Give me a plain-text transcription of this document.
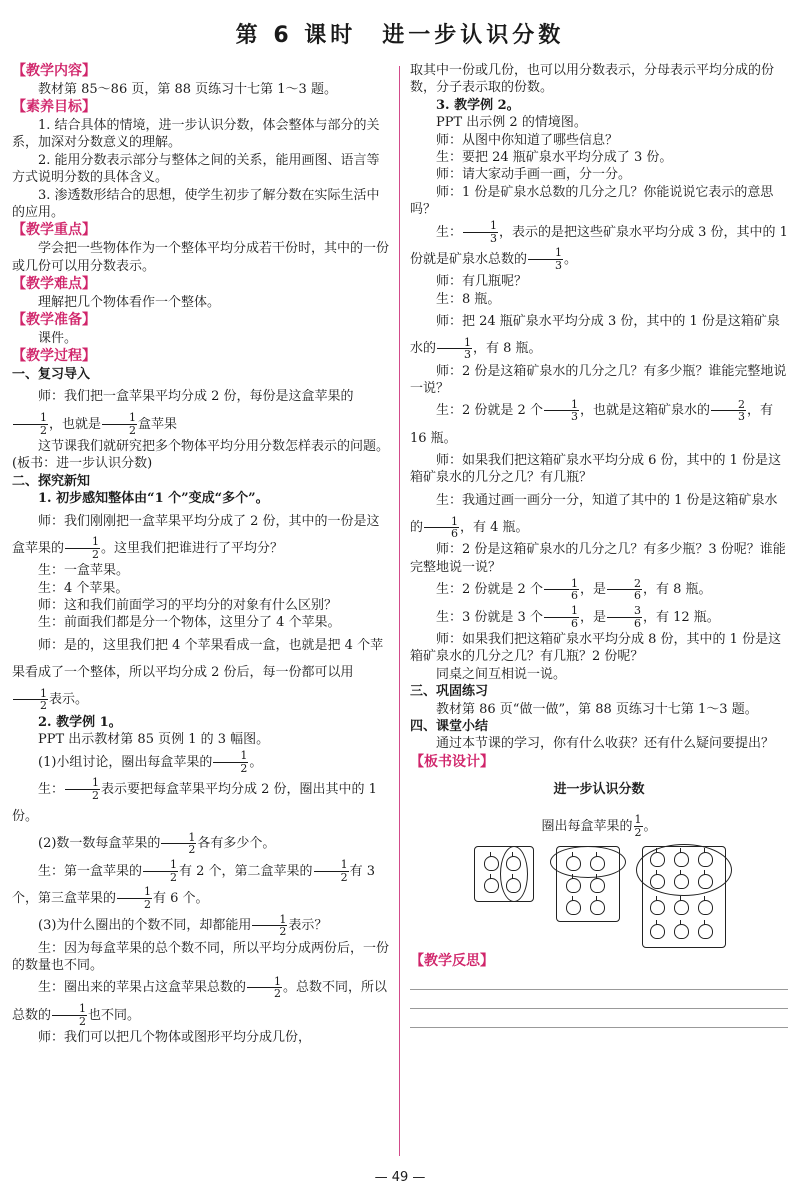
第 6 课时　进一步认识分数

【教学内容】

教材第 85～86 页，第 88 页练习十七第 1～3 题。

【素养目标】

1. 结合具体的情境，进一步认识分数，体会整体与部分的关系，加深对分数意义的理解。

2. 能用分数表示部分与整体之间的关系，能用画图、语言等方式说明分数的具体含义。

3. 渗透数形结合的思想，使学生初步了解分数在实际生活中的应用。

【教学重点】

学会把一些物体作为一个整体平均分成若干份时，其中的一份或几份可以用分数表示。

【教学难点】

理解把几个物体看作一个整体。

【教学准备】

课件。

【教学过程】

一、复习导入

师：我们把一盒苹果平均分成 2 份，每份是这盒苹果的
$\frac{1}{2}$ ，也就是 $\frac{1}{2}$ 盒苹果

这节课我们就研究把多个物体平均分用分数怎样表示的问题。(板书：进一步认识分数)

二、探究新知

1. 初步感知整体由“1 个”变成“多个”。

师：我们刚刚把一盒苹果平均分成了 2 份，其中的一份是这盒苹果的 $\frac{1}{2}$ 。这里我们把谁进行了平均分？

生：一盒苹果。

生：4 个苹果。

师：这和我们前面学习的平均分的对象有什么区别？

生：前面我们都是分一个物体，这里分了 4 个苹果。

师：是的，这里我们把 4 个苹果看成一盒，也就是把 4 个苹果看成了一个整体，所以平均分成 2 份后，每一份都可以用
$\frac{1}{2}$ 表示。

2. 教学例 1。

PPT 出示教材第 85 页例 1 的 3 幅图。

(1)小组讨论，圈出每盒苹果的 $\frac{1}{2}$ 。

生： $\frac{1}{2}$ 表示要把每盒苹果平均分成 2 份，圈出其中的 1 份。

(2)数一数每盒苹果的 $\frac{1}{2}$ 各有多少个。

生：第一盒苹果的 $\frac{1}{2}$ 有 2 个，第二盒苹果的 $\frac{1}{2}$ 有 3 个，第三盒苹果的 $\frac{1}{2}$ 有 6 个。

(3)为什么圈出的个数不同，却都能用 $\frac{1}{2}$ 表示？

生：因为每盒苹果的总个数不同，所以平均分成两份后，一份的数量也不同。

生：圈出来的苹果占这盒苹果总数的 $\frac{1}{2}$ 。总数不同，所以总数的 $\frac{1}{2}$ 也不同。

师：我们可以把几个物体或图形平均分成几份，

取其中一份或几份，也可以用分数表示，分母表示平均分成的份数，分子表示取的份数。

3. 教学例 2。

PPT 出示例 2 的情境图。

师：从图中你知道了哪些信息？

生：要把 24 瓶矿泉水平均分成了 3 份。

师：请大家动手画一画，分一分。

师：1 份是矿泉水总数的几分之几？你能说说它表示的意思吗？

生： $\frac{1}{3}$ ，表示的是把这些矿泉水平均分成 3 份，其中的 1 份就是矿泉水总数的 $\frac{1}{3}$ 。

师：有几瓶呢？

生：8 瓶。

师：把 24 瓶矿泉水平均分成 3 份，其中的 1 份是这箱矿泉水的 $\frac{1}{3}$ ，有 8 瓶。

师：2 份是这箱矿泉水的几分之几？有多少瓶？谁能完整地说一说？

生：2 份就是 2 个 $\frac{1}{3}$ ，也就是这箱矿泉水的 $\frac{2}{3}$ ，有 16 瓶。

师：如果我们把这箱矿泉水平均分成 6 份，其中的 1 份是这箱矿泉水的几分之几？有几瓶？

生：我通过画一画分一分，知道了其中的 1 份是这箱矿泉水的 $\frac{1}{6}$ ，有 4 瓶。

师：2 份是这箱矿泉水的几分之几？有多少瓶？3 份呢？谁能完整地说一说？

生：2 份就是 2 个 $\frac{1}{6}$ ，是 $\frac{2}{6}$ ，有 8 瓶。

生：3 份就是 3 个 $\frac{1}{6}$ ，是 $\frac{3}{6}$ ，有 12 瓶。

师：如果我们把这箱矿泉水平均分成 8 份，其中的 1 份是这箱矿泉水的几分之几？有几瓶？2 份呢？

同桌之间互相说一说。

三、巩固练习

教材第 86 页“做一做”，第 88 页练习十七第 1～3 题。

四、课堂小结

通过本节课的学习，你有什么收获？还有什么疑问要提出？

【板书设计】

进一步认识分数
圈出每盒苹果的 $\frac{1}{2}$ 。

【教学反思】

— 49 —
